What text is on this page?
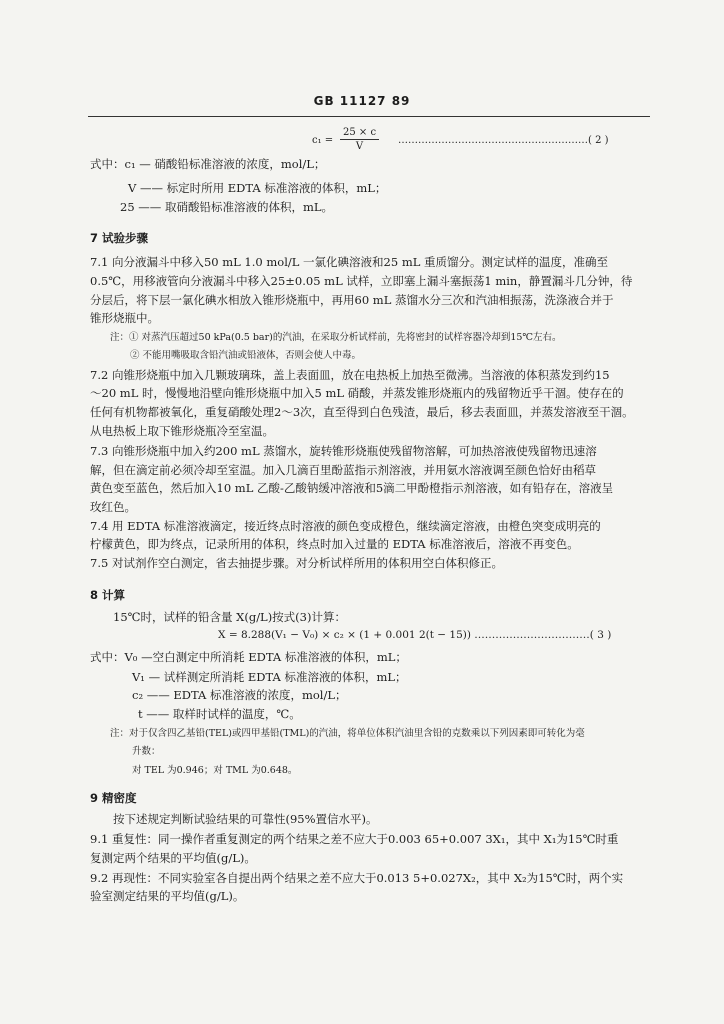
GB 11127 89
$c_1 = \frac{25 \times c}{V}$ …………………………………………………( 2 )
式中：c₁ — 硝酸铅标准溶液的浓度，mol/L；
V —— 标定时所用 EDTA 标准溶液的体积，mL；
25 —— 取硝酸铅标准溶液的体积，mL。
7 试验步骤
7.1 向分液漏斗中移入50 mL 1.0 mol/L 一氯化碘溶液和25 mL 重质馏分。测定试样的温度，准确至
0.5℃，用移液管向分液漏斗中移入25±0.05 mL 试样，立即塞上漏斗塞振荡1 min，静置漏斗几分钟，待
分层后，将下层一氯化碘水相放入锥形烧瓶中，再用60 mL 蒸馏水分三次和汽油相振荡，洗涤液合并于
锥形烧瓶中。
注：① 对蒸汽压超过50 kPa(0.5 bar)的汽油，在采取分析试样前，先将密封的试样容器冷却到15℃左右。
② 不能用嘴吸取含铅汽油或铅液体，否则会使人中毒。
7.2 向锥形烧瓶中加入几颗玻璃珠，盖上表面皿，放在电热板上加热至微沸。当溶液的体积蒸发到约15
～20 mL 时，慢慢地沿壁向锥形烧瓶中加入5 mL 硝酸，并蒸发锥形烧瓶内的残留物近乎干涸。使存在的
任何有机物都被氧化，重复硝酸处理2～3次，直至得到白色残渣，最后，移去表面皿，并蒸发溶液至干涸。
从电热板上取下锥形烧瓶冷至室温。
7.3 向锥形烧瓶中加入约200 mL 蒸馏水，旋转锥形烧瓶使残留物溶解，可加热溶液使残留物迅速溶
解，但在滴定前必须冷却至室温。加入几滴百里酚蓝指示剂溶液，并用氨水溶液调至颜色恰好由稻草
黄色变至蓝色，然后加入10 mL 乙酸-乙酸钠缓冲溶液和5滴二甲酚橙指示剂溶液，如有铅存在，溶液呈
玫红色。
7.4 用 EDTA 标准溶液滴定，接近终点时溶液的颜色变成橙色，继续滴定溶液，由橙色突变成明亮的
柠檬黄色，即为终点，记录所用的体积，终点时加入过量的 EDTA 标准溶液后，溶液不再变色。
7.5 对试剂作空白测定，省去抽提步骤。对分析试样所用的体积用空白体积修正。
8 计算
15℃时，试样的铅含量 X(g/L)按式(3)计算：
X = 8.288(V₁ − V₀) × c₂ × (1 + 0.001 2(t − 15)) ……………………………( 3 )
式中：V₀ —空白测定中所消耗 EDTA 标准溶液的体积，mL；
V₁ — 试样测定所消耗 EDTA 标准溶液的体积，mL；
c₂ —— EDTA 标准溶液的浓度，mol/L；
t —— 取样时试样的温度，℃。
注：对于仅含四乙基铅(TEL)或四甲基铅(TML)的汽油，将单位体积汽油里含铅的克数乘以下列因素即可转化为毫
升数：
对 TEL 为0.946；对 TML 为0.648。
9 精密度
按下述规定判断试验结果的可靠性(95%置信水平)。
9.1 重复性：同一操作者重复测定的两个结果之差不应大于0.003 65+0.007 3X₁，其中 X₁为15℃时重
复测定两个结果的平均值(g/L)。
9.2 再现性：不同实验室各自提出两个结果之差不应大于0.013 5+0.027X₂，其中 X₂为15℃时，两个实
验室测定结果的平均值(g/L)。
